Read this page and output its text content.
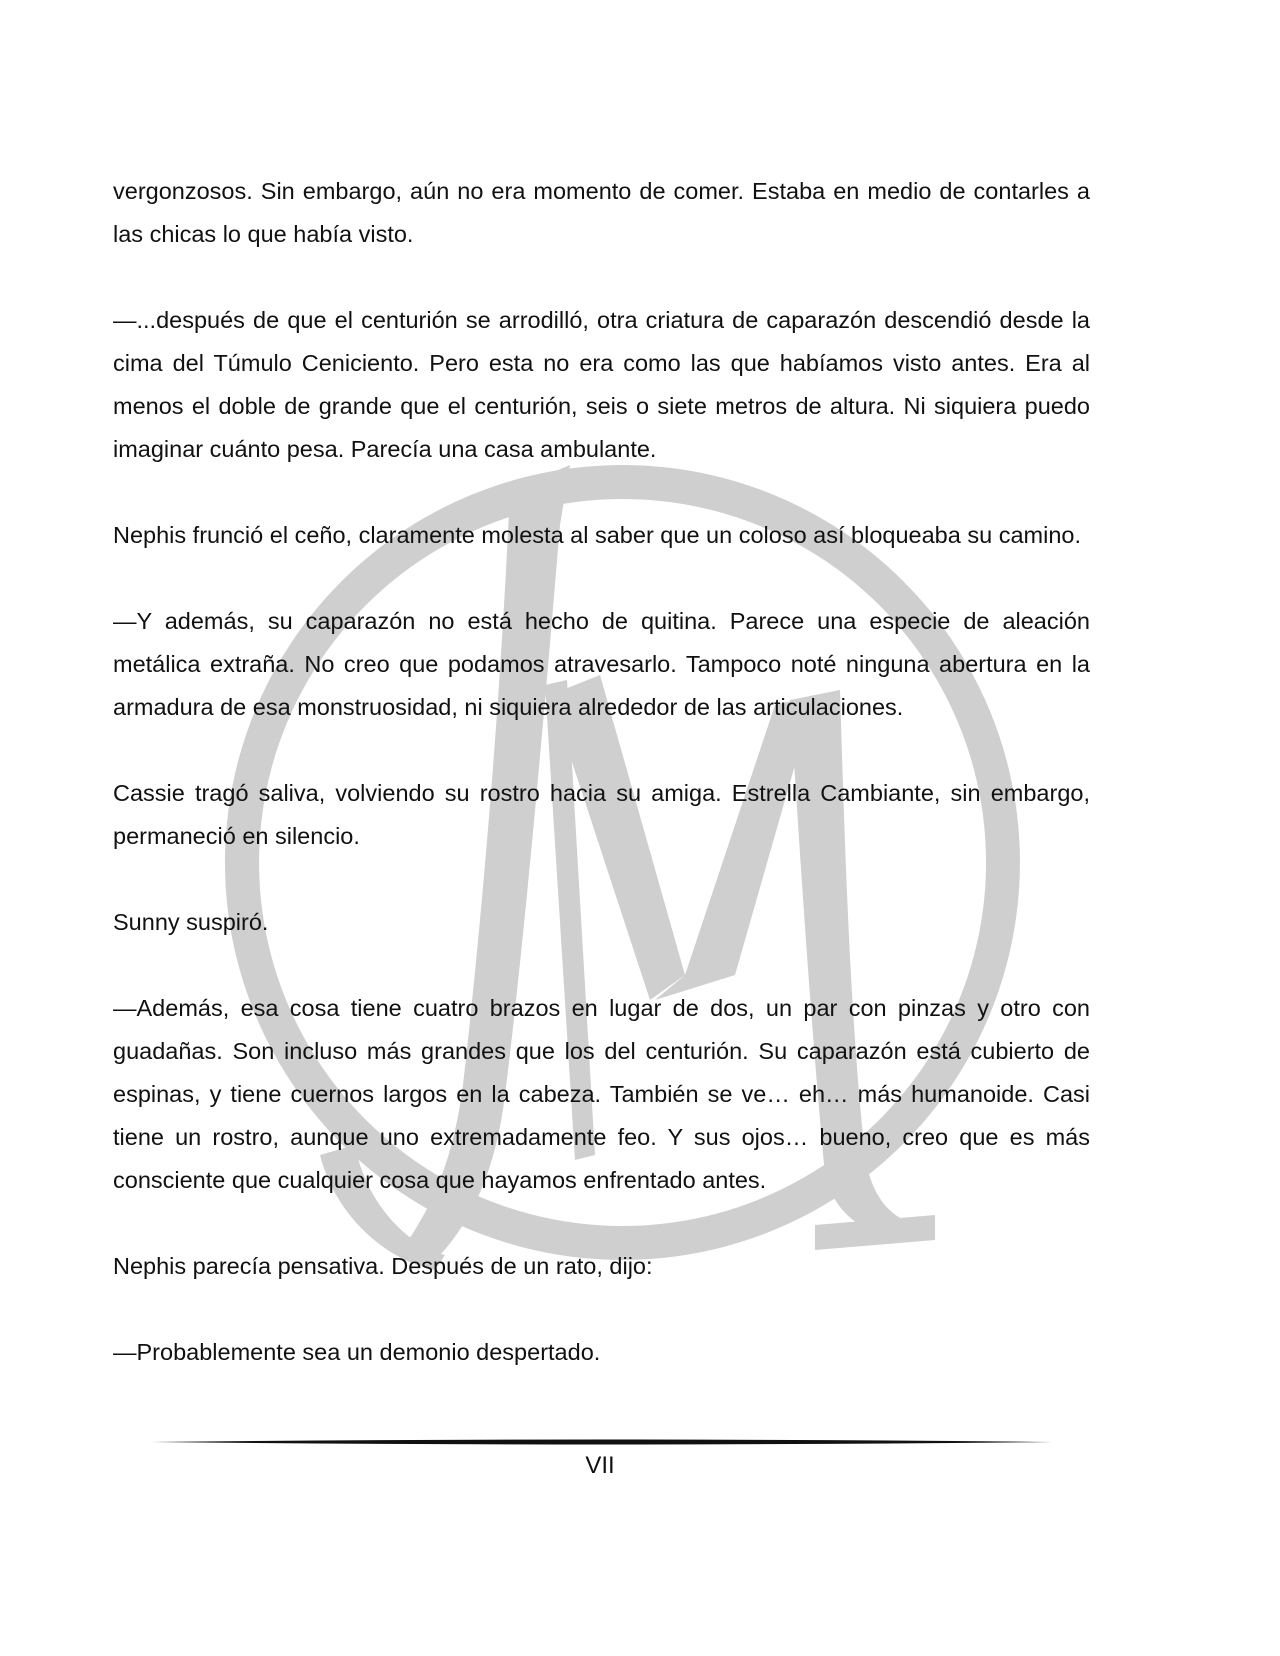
vergonzosos. Sin embargo, aún no era momento de comer. Estaba en medio de contarles a las chicas lo que había visto.

—...después de que el centurión se arrodilló, otra criatura de caparazón descendió desde la cima del Túmulo Ceniciento. Pero esta no era como las que habíamos visto antes. Era al menos el doble de grande que el centurión, seis o siete metros de altura. Ni siquiera puedo imaginar cuánto pesa. Parecía una casa ambulante.

Nephis frunció el ceño, claramente molesta al saber que un coloso así bloqueaba su camino.

—Y además, su caparazón no está hecho de quitina. Parece una especie de aleación metálica extraña. No creo que podamos atravesarlo. Tampoco noté ninguna abertura en la armadura de esa monstruosidad, ni siquiera alrededor de las articulaciones.

Cassie tragó saliva, volviendo su rostro hacia su amiga. Estrella Cambiante, sin embargo, permaneció en silencio.

Sunny suspiró.

—Además, esa cosa tiene cuatro brazos en lugar de dos, un par con pinzas y otro con guadañas. Son incluso más grandes que los del centurión. Su caparazón está cubierto de espinas, y tiene cuernos largos en la cabeza. También se ve… eh… más humanoide. Casi tiene un rostro, aunque uno extremadamente feo. Y sus ojos… bueno, creo que es más consciente que cualquier cosa que hayamos enfrentado antes.

Nephis parecía pensativa. Después de un rato, dijo:

—Probablemente sea un demonio despertado.

VII
